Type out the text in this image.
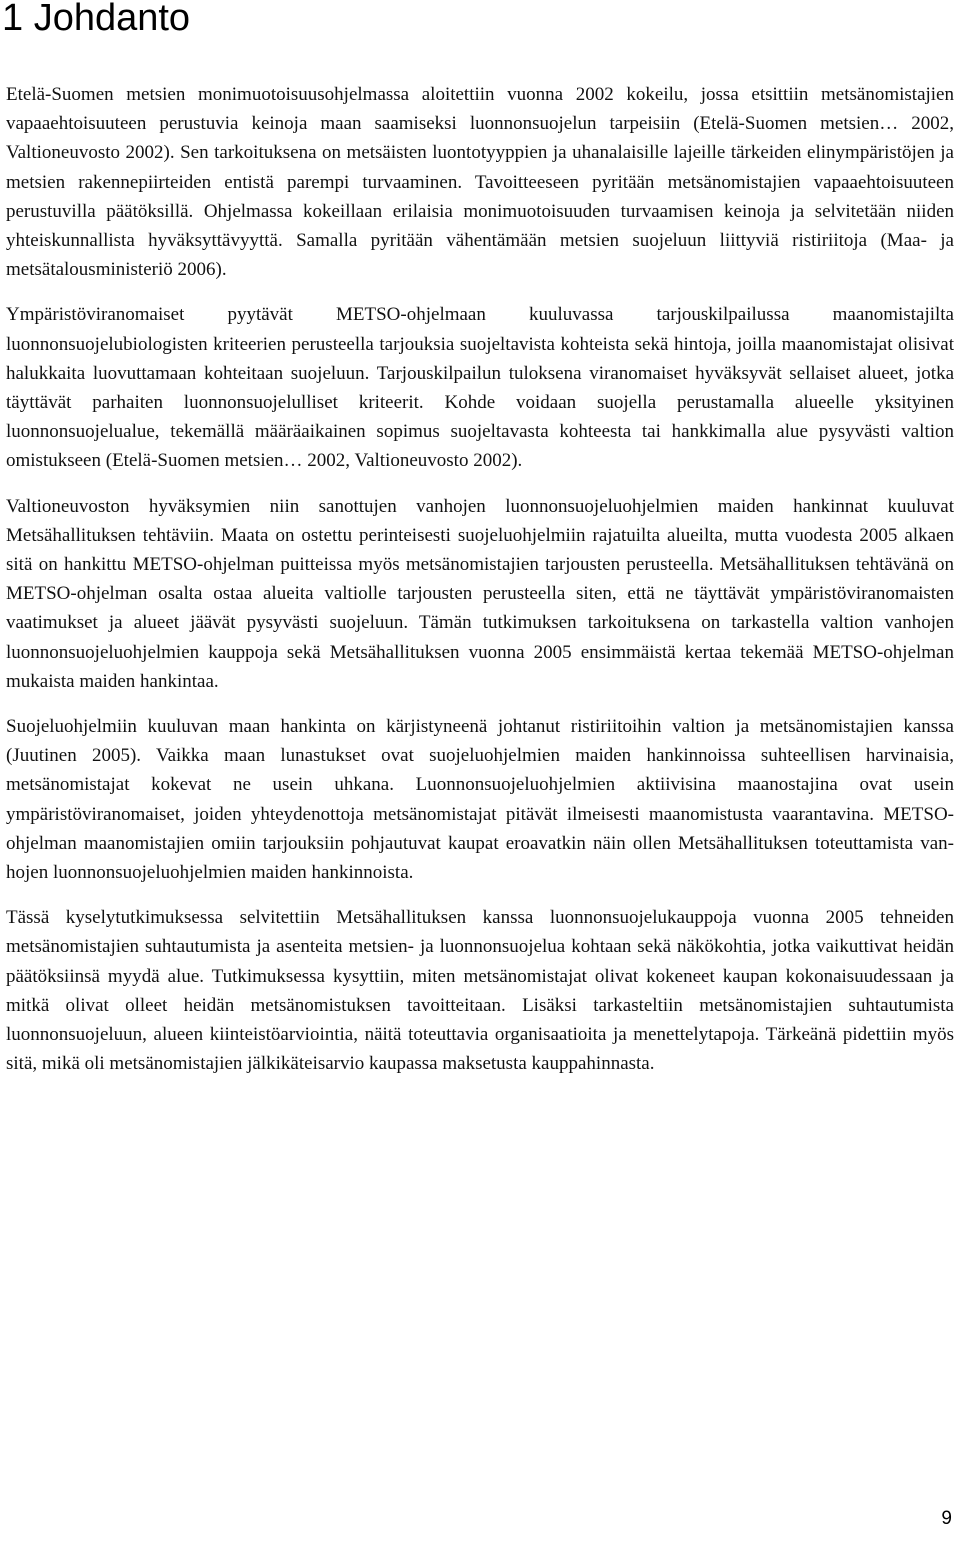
1 Johdanto

Etelä-Suomen metsien monimuotoisuusohjelmassa aloitettiin vuonna 2002 kokeilu, jossa etsittiin metsänomistajien vapaaehtoisuuteen perustuvia keinoja maan saamiseksi luonnonsuojelun tarpeisiin (Etelä-Suomen metsien… 2002, Valtioneuvosto 2002). Sen tarkoituksena on metsäisten luontotyyppien ja uhanalaisille lajeille tärkeiden elinympäristöjen ja metsien rakennepiirteiden entistä parempi turvaaminen. Tavoitteeseen pyritään metsänomistajien vapaaehtoisuuteen perustuvilla päätöksillä. Ohjelmassa kokeillaan erilaisia monimuotoisuuden turvaamisen keinoja ja selvitetään niiden yhteiskunnallista hyväksyttävyyttä. Samalla pyritään vähentämään metsien suojeluun liittyviä ristiriitoja (Maa- ja metsätalousministeriö 2006).

Ympäristöviranomaiset pyytävät METSO-ohjelmaan kuuluvassa tarjouskilpailussa maanomistajilta luonnonsuojelubiologisten kriteerien perusteella tarjouksia suojeltavista kohteista sekä hintoja, joilla maanomistajat olisivat halukkaita luovuttamaan kohteitaan suojeluun. Tarjouskilpailun tuloksena viranomaiset hyväksyvät sellaiset alueet, jotka täyttävät parhaiten luonnonsuojelulliset kriteerit. Kohde voidaan suojella perustamalla alueelle yksityinen luonnonsuojelualue, tekemällä määräaikainen sopimus suojeltavasta kohteesta tai hankkimalla alue pysyvästi valtion omistukseen (Etelä-Suomen metsien… 2002, Valtioneuvosto 2002).

Valtioneuvoston hyväksymien niin sanottujen vanhojen luonnonsuojeluohjelmien maiden hankinnat kuuluvat Metsähallituksen tehtäviin. Maata on ostettu perinteisesti suojeluohjelmiin rajatuilta alueilta, mutta vuodesta 2005 alkaen sitä on hankittu METSO-ohjelman puitteissa myös metsänomistajien tarjousten perusteella. Metsähallituksen tehtävänä on METSO-ohjelman osalta ostaa alueita valtiolle tarjousten perusteella siten, että ne täyttävät ympäristöviranomaisten vaatimukset ja alueet jäävät pysyvästi suojeluun. Tämän tutkimuksen tarkoituksena on tarkastella valtion vanhojen luonnonsuojeluohjelmien kauppoja sekä Metsähallituksen vuonna 2005 ensimmäistä kertaa tekemää METSO-ohjelman mukaista maiden hankintaa.

Suojeluohjelmiin kuuluvan maan hankinta on kärjistyneenä johtanut ristiriitoihin valtion ja metsänomistajien kanssa (Juutinen 2005). Vaikka maan lunastukset ovat suojeluohjelmien maiden hankinnoissa suhteellisen harvinaisia, metsänomistajat kokevat ne usein uhkana. Luonnonsuojeluohjelmien aktiivisina maanostajina ovat usein ympäristöviranomaiset, joiden yhteydenottoja metsänomistajat pitävät ilmeisesti maanomistusta vaarantavina. METSO-ohjelman maanomistajien omiin tarjouksiin pohjautuvat kaupat eroavatkin näin ollen Metsähallituksen toteuttamista vanhojen luonnonsuojeluohjelmien maiden hankinnoista.

Tässä kyselytutkimuksessa selvitettiin Metsähallituksen kanssa luonnonsuojelukauppoja vuonna 2005 tehneiden metsänomistajien suhtautumista ja asenteita metsien- ja luonnonsuojelua kohtaan sekä näkökohtia, jotka vaikuttivat heidän päätöksiinsä myydä alue. Tutkimuksessa kysyttiin, miten metsänomistajat olivat kokeneet kaupan kokonaisuudessaan ja mitkä olivat olleet heidän metsänomistuksen tavoitteitaan. Lisäksi tarkasteltiin metsänomistajien suhtautumista luonnonsuojeluun, alueen kiinteistöarviointia, näitä toteuttavia organisaatioita ja menettelytapoja. Tärkeänä pidettiin myös sitä, mikä oli metsänomistajien jälkikäteisarvio kaupassa maksetusta kauppahinnasta.

9
